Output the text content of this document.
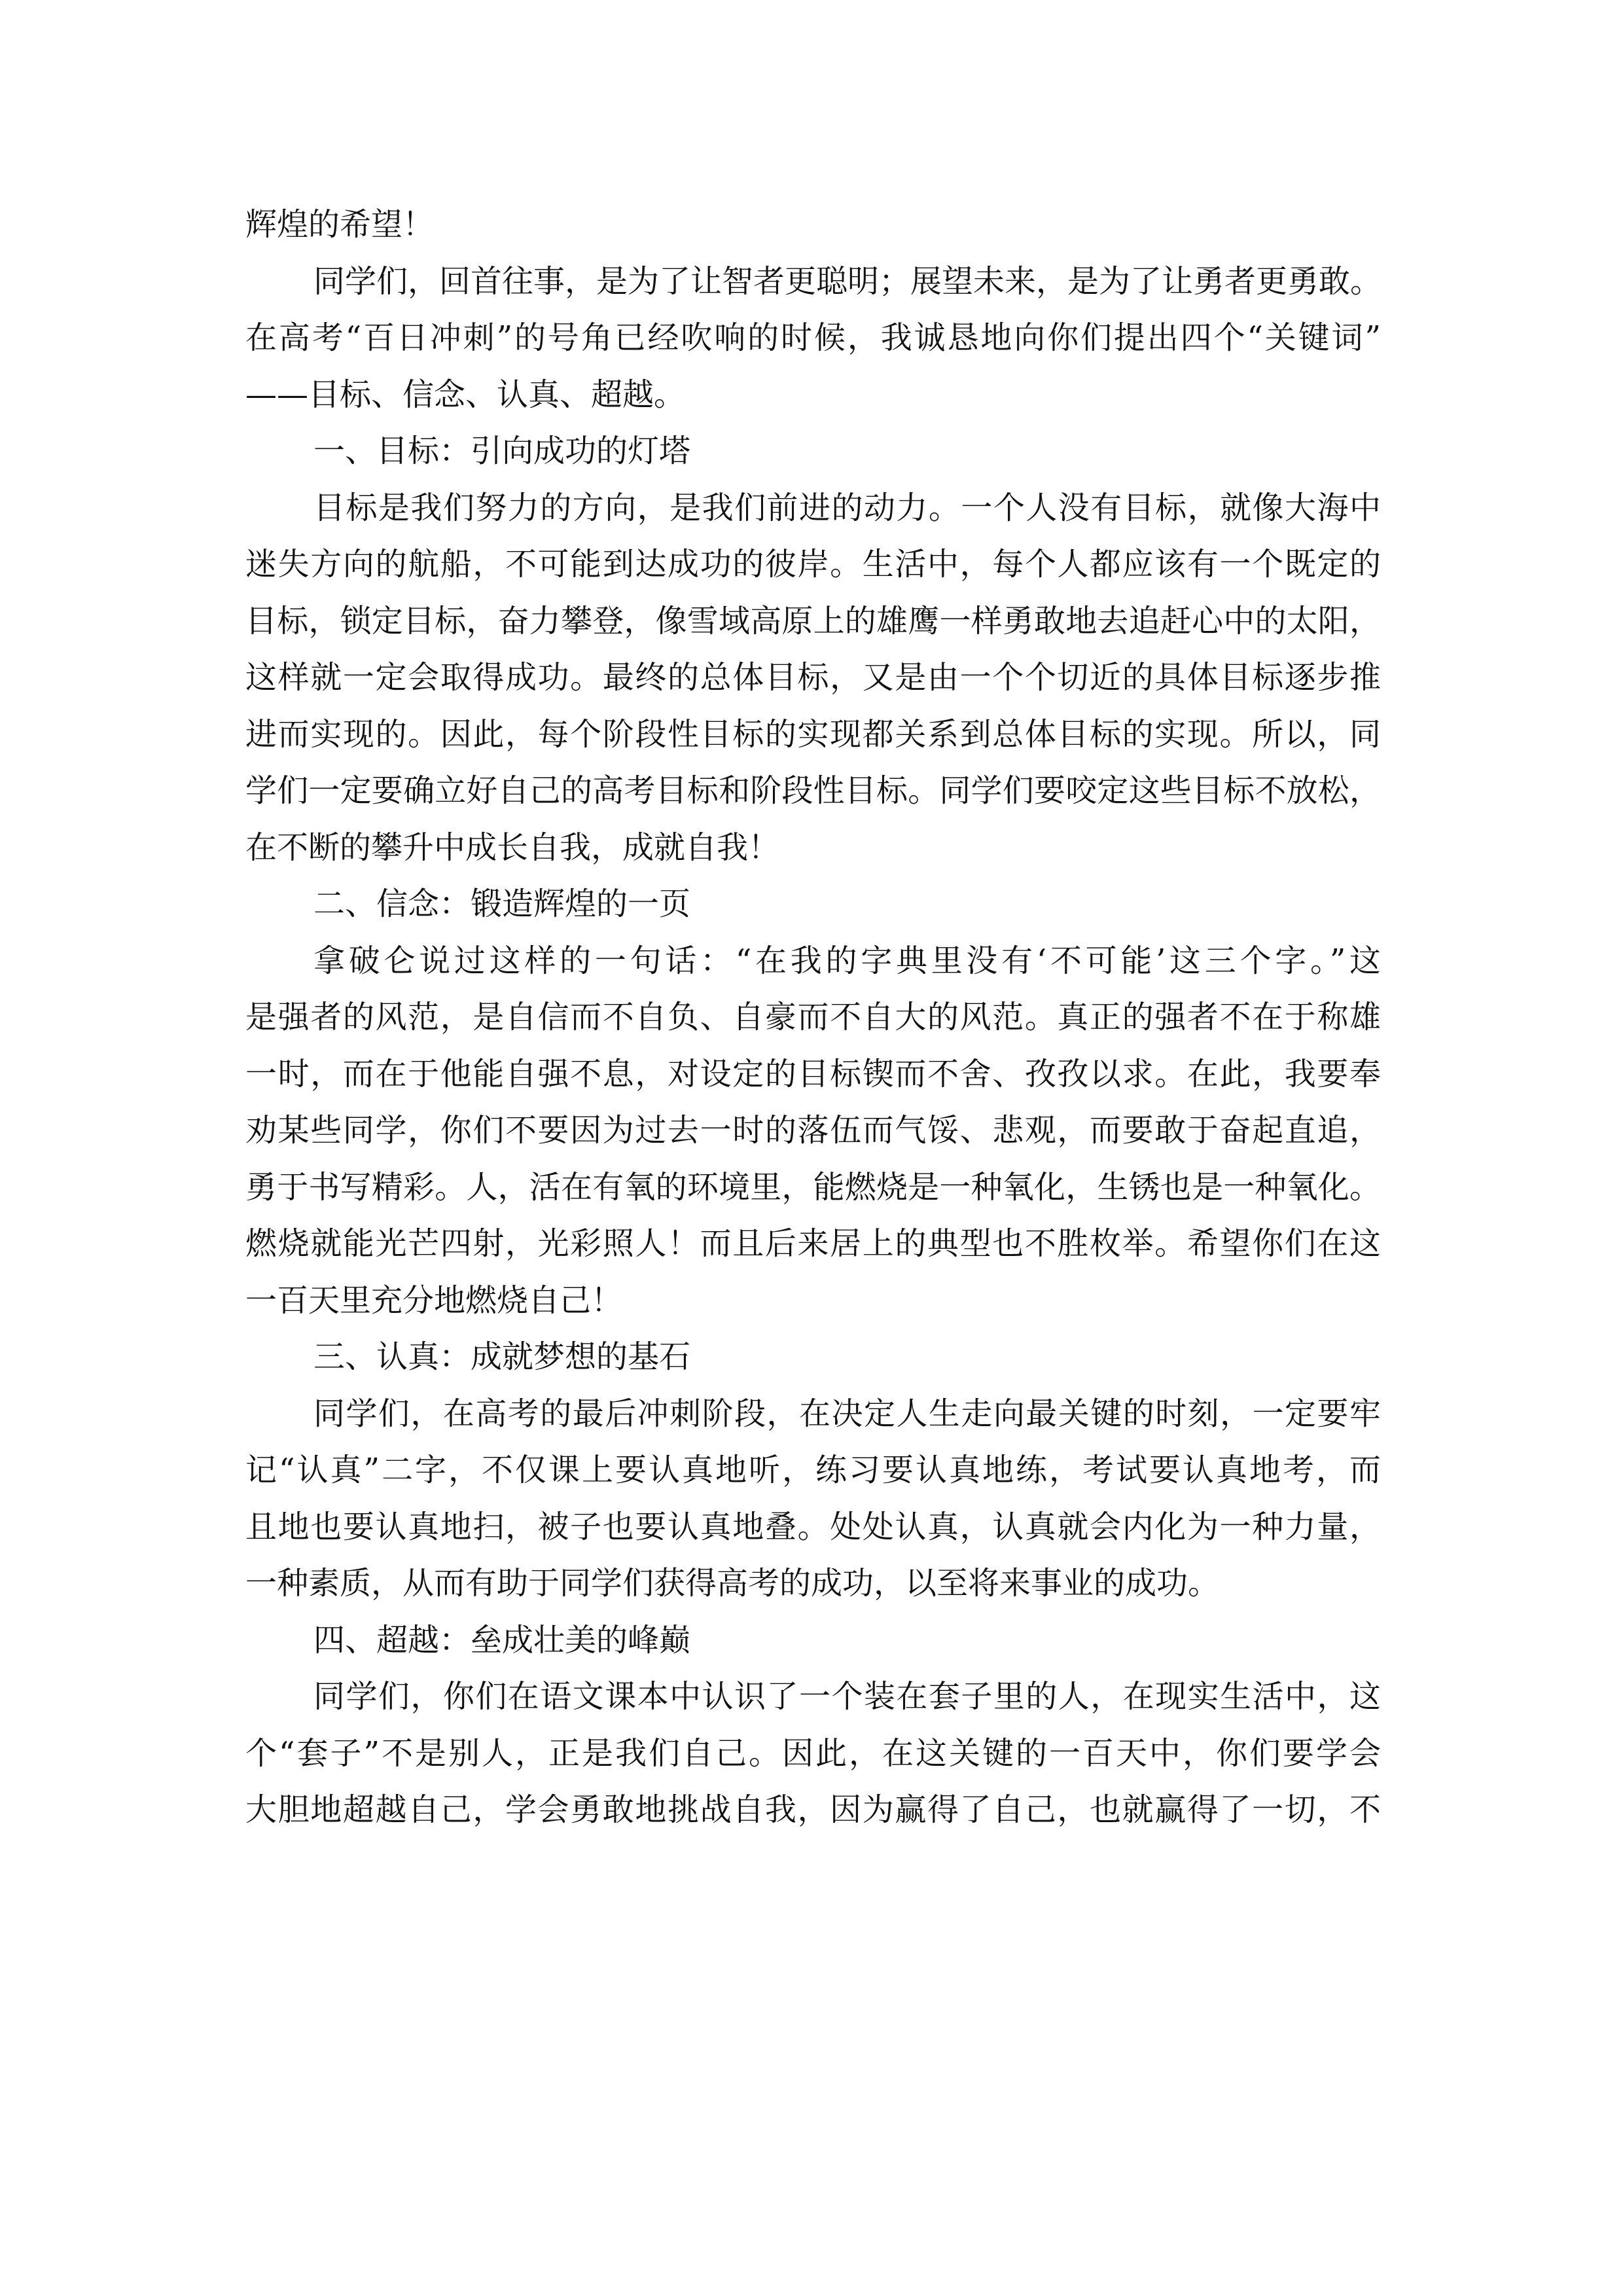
辉煌的希望！
同学们，回首往事，是为了让智者更聪明；展望未来，是为了让勇者更勇敢。
在高考“百日冲刺”的号角已经吹响的时候，我诚恳地向你们提出四个“关键词”
——目标、信念、认真、超越。
一、目标：引向成功的灯塔
目标是我们努力的方向，是我们前进的动力。一个人没有目标，就像大海中
迷失方向的航船，不可能到达成功的彼岸。生活中，每个人都应该有一个既定的
目标，锁定目标，奋力攀登，像雪域高原上的雄鹰一样勇敢地去追赶心中的太阳，
这样就一定会取得成功。最终的总体目标，又是由一个个切近的具体目标逐步推
进而实现的。因此，每个阶段性目标的实现都关系到总体目标的实现。所以，同
学们一定要确立好自己的高考目标和阶段性目标。同学们要咬定这些目标不放松，
在不断的攀升中成长自我，成就自我！
二、信念：锻造辉煌的一页
拿破仑说过这样的一句话：“在我的字典里没有‘不可能’这三个字。”这
是强者的风范，是自信而不自负、自豪而不自大的风范。真正的强者不在于称雄
一时，而在于他能自强不息，对设定的目标锲而不舍、孜孜以求。在此，我要奉
劝某些同学，你们不要因为过去一时的落伍而气馁、悲观，而要敢于奋起直追，
勇于书写精彩。人，活在有氧的环境里，能燃烧是一种氧化，生锈也是一种氧化。
燃烧就能光芒四射，光彩照人！而且后来居上的典型也不胜枚举。希望你们在这
一百天里充分地燃烧自己！
三、认真：成就梦想的基石
同学们，在高考的最后冲刺阶段，在决定人生走向最关键的时刻，一定要牢
记“认真”二字，不仅课上要认真地听，练习要认真地练，考试要认真地考，而
且地也要认真地扫，被子也要认真地叠。处处认真，认真就会内化为一种力量，
一种素质，从而有助于同学们获得高考的成功，以至将来事业的成功。
四、超越：垒成壮美的峰巅
同学们，你们在语文课本中认识了一个装在套子里的人，在现实生活中，这
个“套子”不是别人，正是我们自己。因此，在这关键的一百天中，你们要学会
大胆地超越自己，学会勇敢地挑战自我，因为赢得了自己，也就赢得了一切，不
